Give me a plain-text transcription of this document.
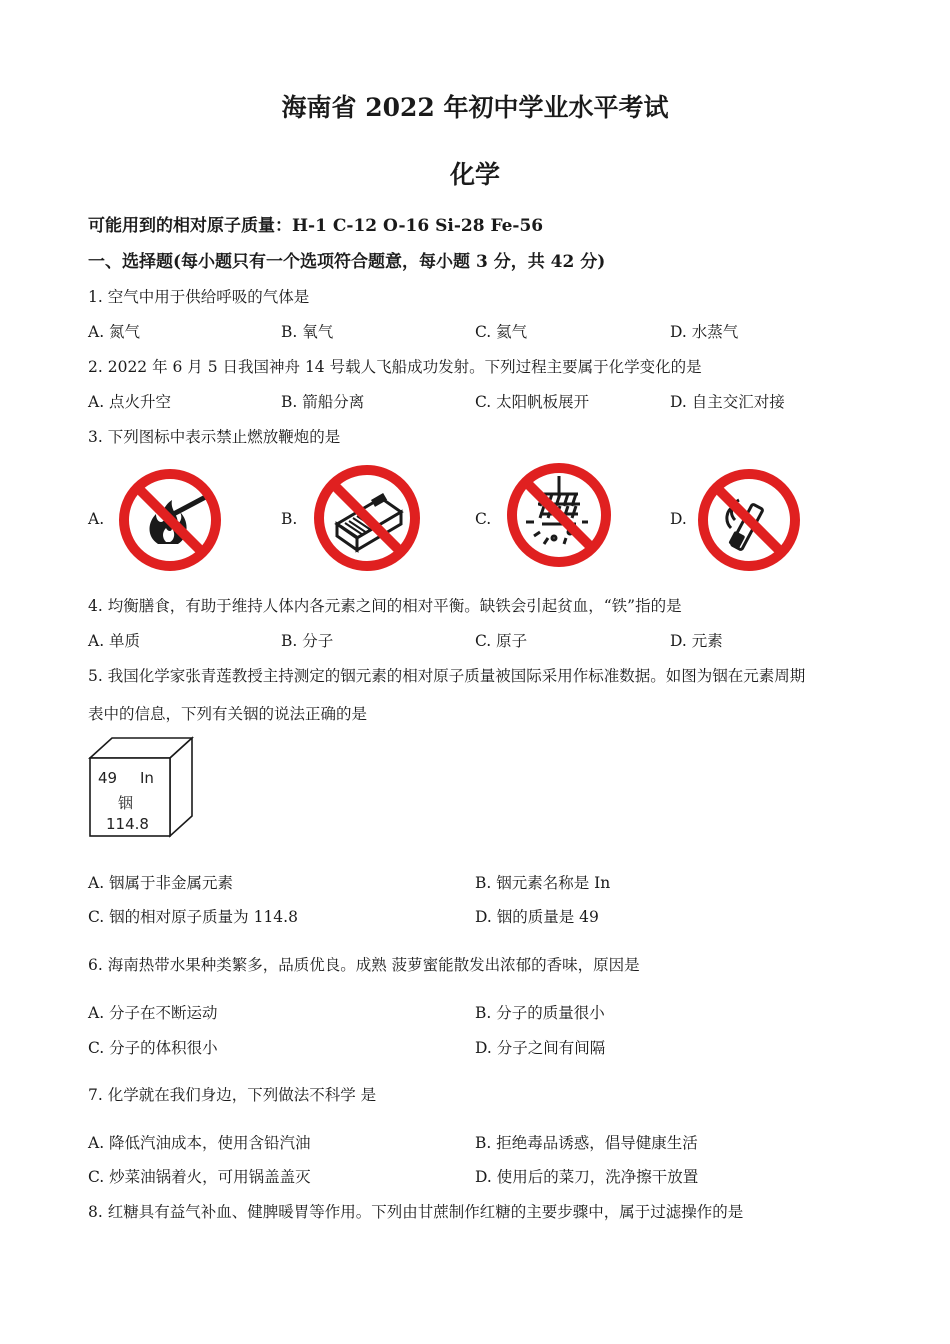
海南省 2022 年初中学业水平考试
化学
可能用到的相对原子质量：H-1 C-12 O-16 Si-28 Fe-56
一、选择题(每小题只有一个选项符合题意，每小题 3 分，共 42 分)
1. 空气中用于供给呼吸的气体是
A. 氮气	B. 氧气	C. 氦气	D. 水蒸气
2. 2022 年 6 月 5 日我国神舟 14 号载人飞船成功发射。下列过程主要属于化学变化的是
A. 点火升空	B. 箭船分离	C. 太阳帆板展开	D. 自主交汇对接
3. 下列图标中表示禁止燃放鞭炮的是
A.	B.	C.	D.
4. 均衡膳食，有助于维持人体内各元素之间的相对平衡。缺铁会引起贫血，“铁”指的是
A. 单质	B. 分子	C. 原子	D. 元素
5. 我国化学家张青莲教授主持测定的铟元素的相对原子质量被国际采用作标准数据。如图为铟在元素周期
表中的信息，下列有关铟的说法正确的是
49 In
铟
114.8
A. 铟属于非金属元素	B. 铟元素名称是 In
C. 铟的相对原子质量为 114.8	D. 铟的质量是 49
6. 海南热带水果种类繁多，品质优良。成熟 菠萝蜜能散发出浓郁的香味，原因是
A. 分子在不断运动	B. 分子的质量很小
C. 分子的体积很小	D. 分子之间有间隔
7. 化学就在我们身边，下列做法不科学 是
A. 降低汽油成本，使用含铅汽油	B. 拒绝毒品诱惑，倡导健康生活
C. 炒菜油锅着火，可用锅盖盖灭	D. 使用后的菜刀，洗净擦干放置
8. 红糖具有益气补血、健脾暖胃等作用。下列由甘蔗制作红糖的主要步骤中，属于过滤操作的是
